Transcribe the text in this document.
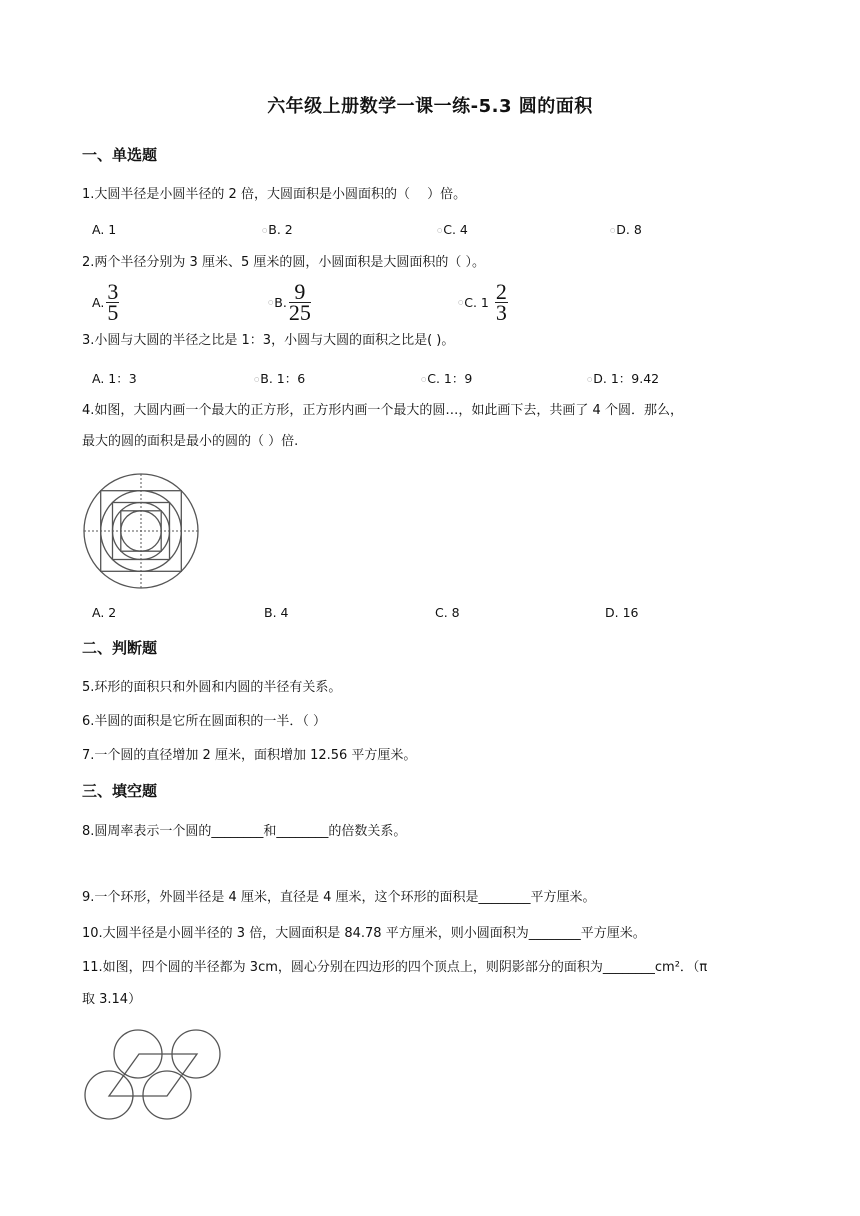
六年级上册数学一课一练-5.3 圆的面积
一、单选题
1.大圆半径是小圆半径的 2 倍，大圆面积是小圆面积的（　 ）倍。
A. 1	○B. 2	○C. 4	○D. 8
2.两个半径分别为 3 厘米、5 厘米的圆，小圆面积是大圆面积的（ ）。
A. $\frac{3}{5}$	○B. $\frac{9}{25}$	○C. $1 \frac{2}{3}$
3.小圆与大圆的半径之比是 1：3，小圆与大圆的面积之比是( )。
A. 1：3	○B. 1：6	○C. 1：9	○D. 1：9.42
4.如图，大圆内画一个最大的正方形，正方形内画一个最大的圆…，如此画下去，共画了 4 个圆．那么，
最大的圆的面积是最小的圆的（ ）倍.
A. 2	B. 4	C. 8	D. 16
二、判断题
5.环形的面积只和外圆和内圆的半径有关系。
6.半圆的面积是它所在圆面积的一半．（ ）
7.一个圆的直径增加 2 厘米，面积增加 12.56 平方厘米。
三、填空题
8.圆周率表示一个圆的________和________的倍数关系。
9.一个环形，外圆半径是 4 厘米，直径是 4 厘米，这个环形的面积是________平方厘米。
10.大圆半径是小圆半径的 3 倍，大圆面积是 84.78 平方厘米，则小圆面积为________平方厘米。
11.如图，四个圆的半径都为 3cm，圆心分别在四边形的四个顶点上，则阴影部分的面积为________cm²．（π
取 3.14）
